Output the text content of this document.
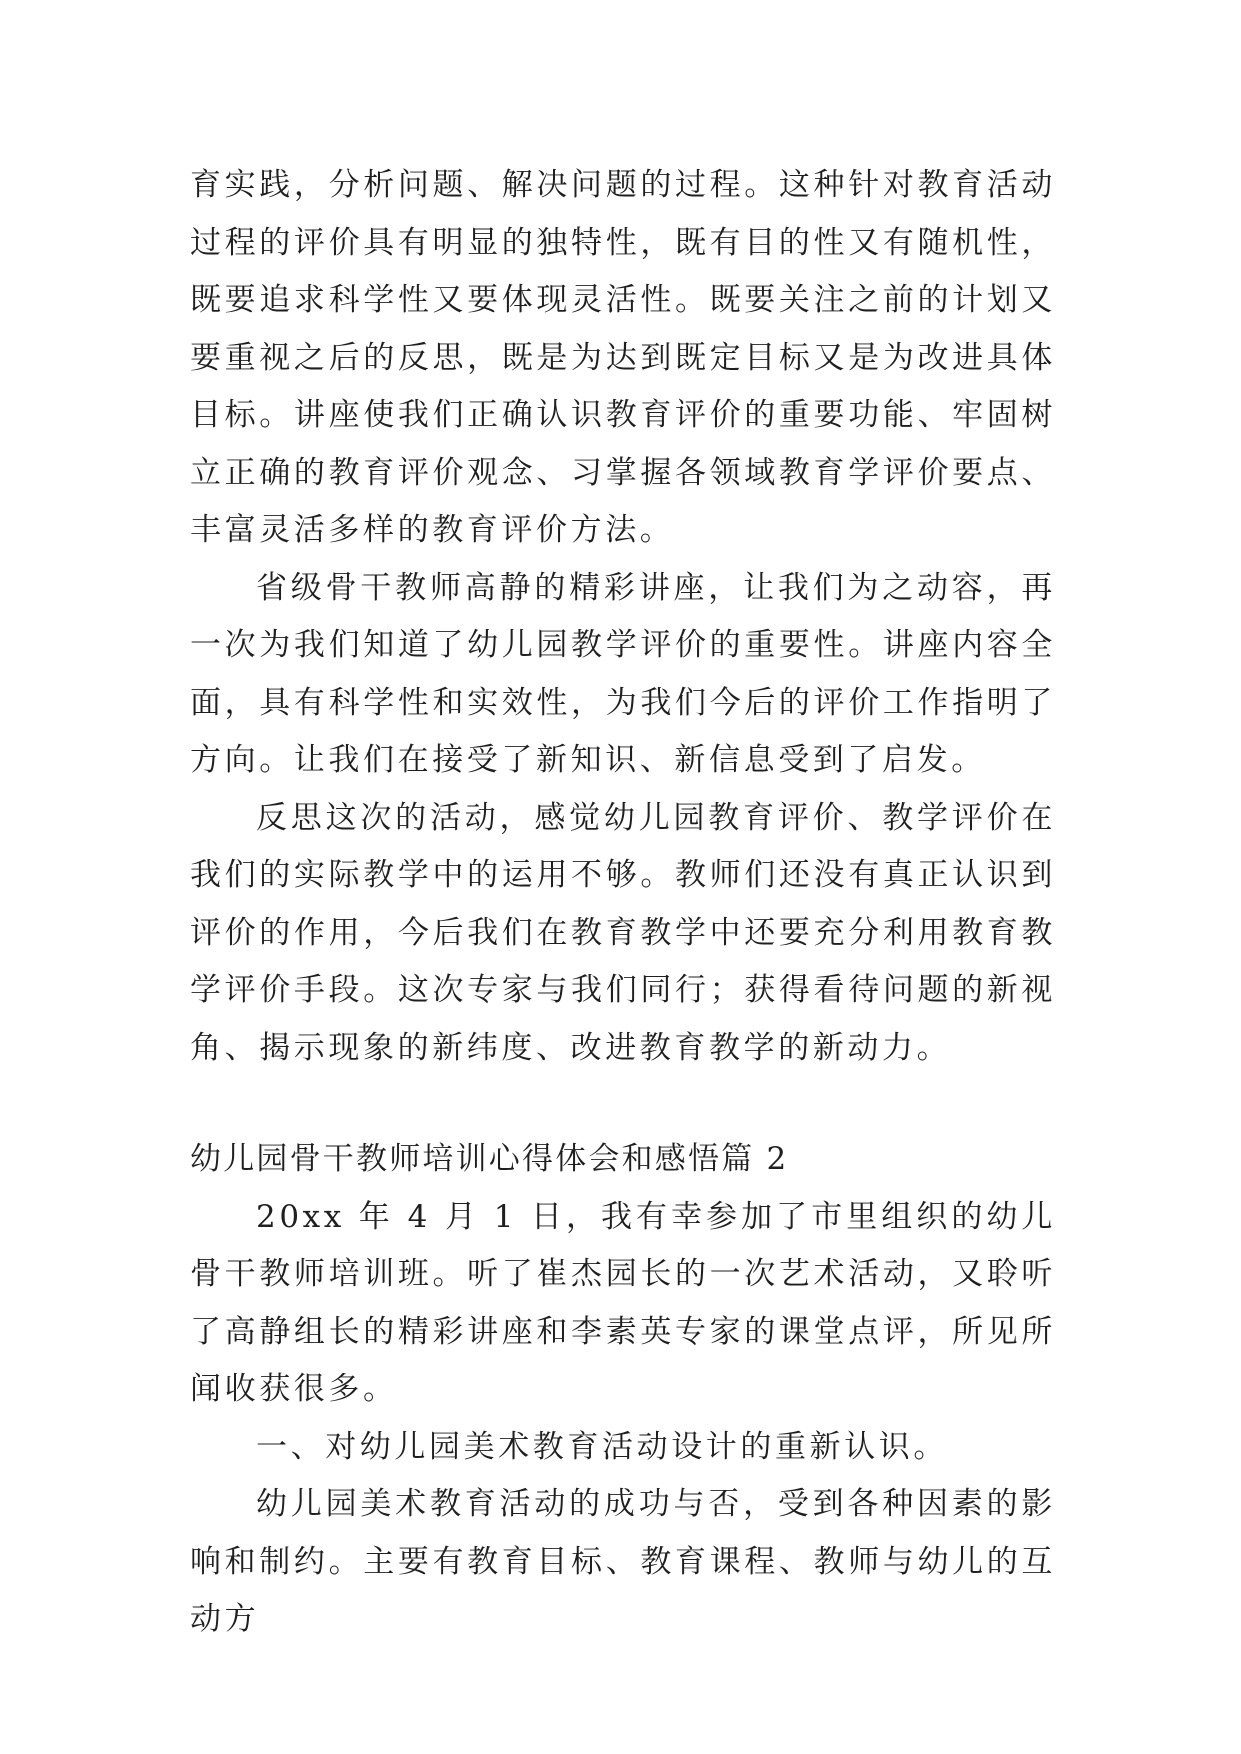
育实践，分析问题、解决问题的过程。这种针对教育活动过程的评价具有明显的独特性，既有目的性又有随机性，既要追求科学性又要体现灵活性。既要关注之前的计划又要重视之后的反思，既是为达到既定目标又是为改进具体目标。讲座使我们正确认识教育评价的重要功能、牢固树立正确的教育评价观念、习掌握各领域教育学评价要点、丰富灵活多样的教育评价方法。

省级骨干教师高静的精彩讲座，让我们为之动容，再一次为我们知道了幼儿园教学评价的重要性。讲座内容全面，具有科学性和实效性，为我们今后的评价工作指明了方向。让我们在接受了新知识、新信息受到了启发。

反思这次的活动，感觉幼儿园教育评价、教学评价在我们的实际教学中的运用不够。教师们还没有真正认识到评价的作用，今后我们在教育教学中还要充分利用教育教学评价手段。这次专家与我们同行；获得看待问题的新视角、揭示现象的新纬度、改进教育教学的新动力。

幼儿园骨干教师培训心得体会和感悟篇 2

20xx 年 4 月 1 日，我有幸参加了市里组织的幼儿骨干教师培训班。听了崔杰园长的一次艺术活动，又聆听了高静组长的精彩讲座和李素英专家的课堂点评，所见所闻收获很多。

一、对幼儿园美术教育活动设计的重新认识。

幼儿园美术教育活动的成功与否，受到各种因素的影响和制约。主要有教育目标、教育课程、教师与幼儿的互动方
